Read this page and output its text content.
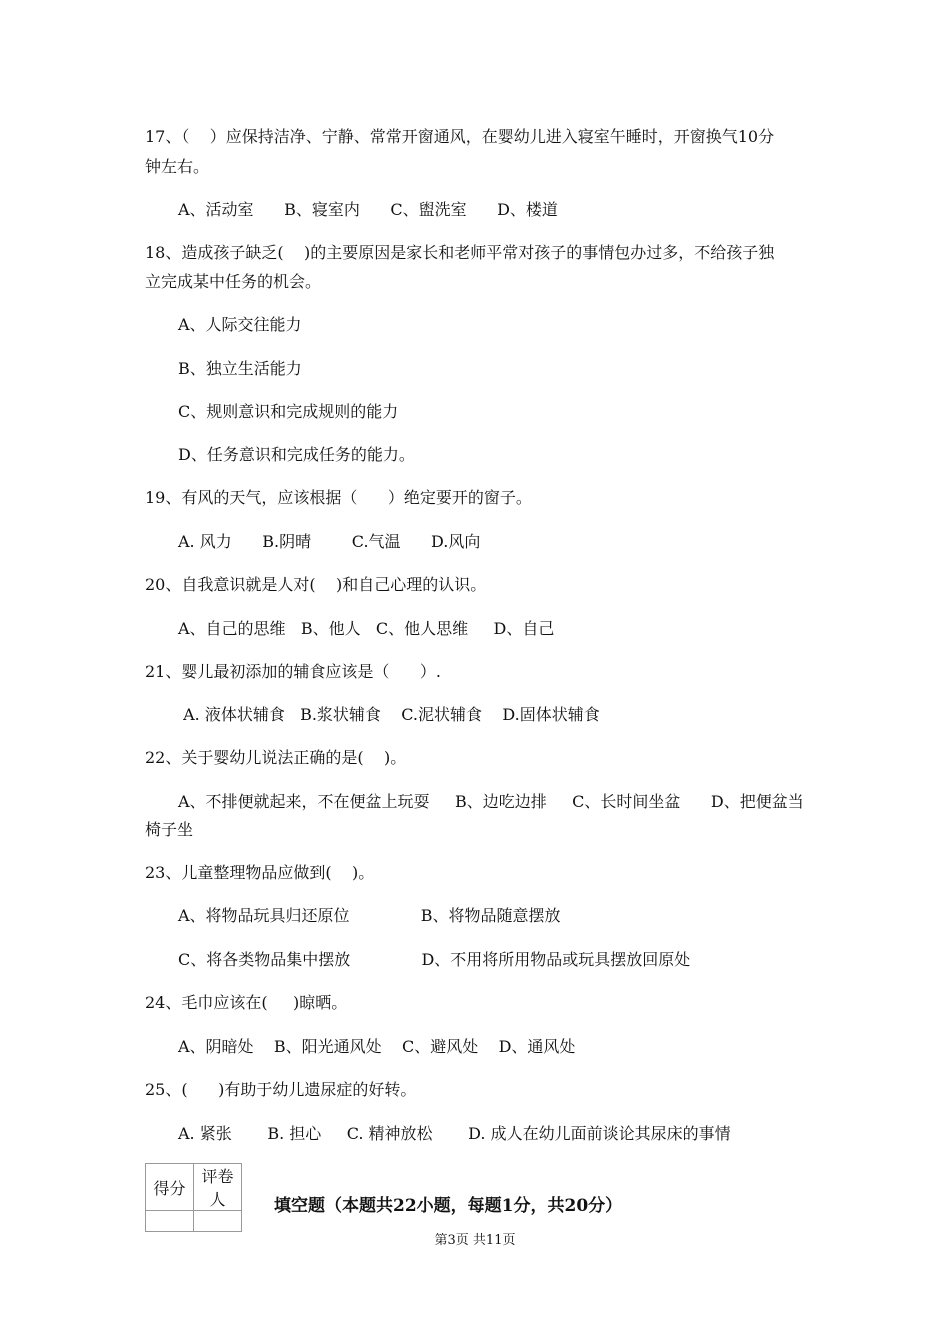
17、（    ）应保持洁净、宁静、常常开窗通风，在婴幼儿进入寝室午睡时，开窗换气10分
钟左右。
A、活动室      B、寝室内      C、盥洗室      D、楼道
18、造成孩子缺乏(    )的主要原因是家长和老师平常对孩子的事情包办过多，不给孩子独
立完成某中任务的机会。
A、人际交往能力
B、独立生活能力
C、规则意识和完成规则的能力
D、任务意识和完成任务的能力。
19、有风的天气，应该根据（      ）绝定要开的窗子。
A. 风力      B.阴晴        C.气温      D.风向
20、自我意识就是人对(    )和自己心理的认识。
A、自己的思维   B、他人   C、他人思维     D、自己
21、婴儿最初添加的辅食应该是（      ）.
A. 液体状辅食   B.浆状辅食    C.泥状辅食    D.固体状辅食
22、关于婴幼儿说法正确的是(    )。
A、不排便就起来，不在便盆上玩耍     B、边吃边排     C、长时间坐盆      D、把便盆当
椅子坐
23、儿童整理物品应做到(    )。
A、将物品玩具归还原位              B、将物品随意摆放
C、将各类物品集中摆放              D、不用将所用物品或玩具摆放回原处
24、毛巾应该在(     )晾晒。
A、阴暗处    B、阳光通风处    C、避风处    D、通风处
25、(      )有助于幼儿遗尿症的好转。
A. 紧张       B. 担心     C. 精神放松       D. 成人在幼儿面前谈论其尿床的事情
得分	评卷人
		填空题（本题共22小题，每题1分，共20分）
第3页 共11页
